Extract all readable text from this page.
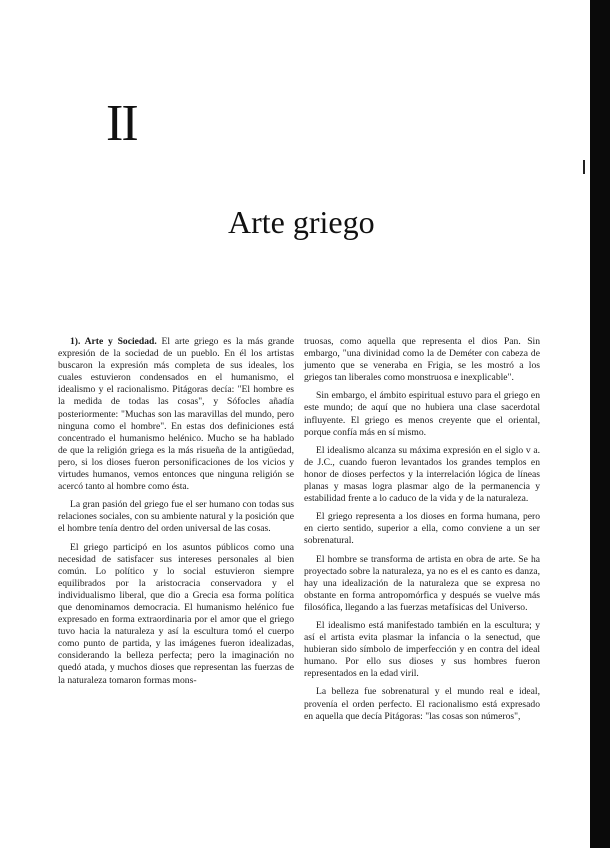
II
Arte griego

1). Arte y Sociedad. El arte griego es la más grande expresión de la sociedad de un pueblo. En él los artistas buscaron la expresión más completa de sus ideales, los cuales estuvieron condensados en el humanismo, el idealismo y el racionalismo. Pitágoras decía: "El hombre es la medida de todas las cosas", y Sófocles añadía posteriormente: "Muchas son las maravillas del mundo, pero ninguna como el hombre". En estas dos definiciones está concentrado el humanismo helénico. Mucho se ha hablado de que la religión griega es la más risueña de la antigüedad, pero, si los dioses fueron personificaciones de los vicios y virtudes humanos, vemos entonces que ninguna religión se acercó tanto al hombre como ésta.

La gran pasión del griego fue el ser humano con todas sus relaciones sociales, con su ambiente natural y la posición que el hombre tenía dentro del orden universal de las cosas.

El griego participó en los asuntos públicos como una necesidad de satisfacer sus intereses personales al bien común. Lo político y lo social estuvieron siempre equilibrados por la aristocracia conservadora y el individualismo liberal, que dio a Grecia esa forma política que denominamos democracia. El humanismo helénico fue expresado en forma extraordinaria por el amor que el griego tuvo hacia la naturaleza y así la escultura tomó el cuerpo como punto de partida, y las imágenes fueron idealizadas, considerando la belleza perfecta; pero la imaginación no quedó atada, y muchos dioses que representan las fuerzas de la naturaleza tomaron formas mons-

truosas, como aquella que representa el dios Pan. Sin embargo, "una divinidad como la de Deméter con cabeza de jumento que se veneraba en Frigia, se les mostró a los griegos tan liberales como monstruosa e inexplicable".

Sin embargo, el ámbito espiritual estuvo para el griego en este mundo; de aquí que no hubiera una clase sacerdotal influyente. El griego es menos creyente que el oriental, porque confía más en sí mismo.

El idealismo alcanza su máxima expresión en el siglo v a. de J.C., cuando fueron levantados los grandes templos en honor de dioses perfectos y la interrelación lógica de líneas planas y masas logra plasmar algo de la permanencia y estabilidad frente a lo caduco de la vida y de la naturaleza.

El griego representa a los dioses en forma humana, pero en cierto sentido, superior a ella, como conviene a un ser sobrenatural.

El hombre se transforma de artista en obra de arte. Se ha proyectado sobre la naturaleza, ya no es el es canto es danza, hay una idealización de la naturaleza que se expresa no obstante en forma antropomórfica y después se vuelve más filosófica, llegando a las fuerzas metafísicas del Universo.

El idealismo está manifestado también en la escultura; y así el artista evita plasmar la infancia o la senectud, que hubieran sido símbolo de imperfección y en contra del ideal humano. Por ello sus dioses y sus hombres fueron representados en la edad viril.

La belleza fue sobrenatural y el mundo real e ideal, provenía el orden perfecto. El racionalismo está expresado en aquella que decía Pitágoras: "las cosas son números",
